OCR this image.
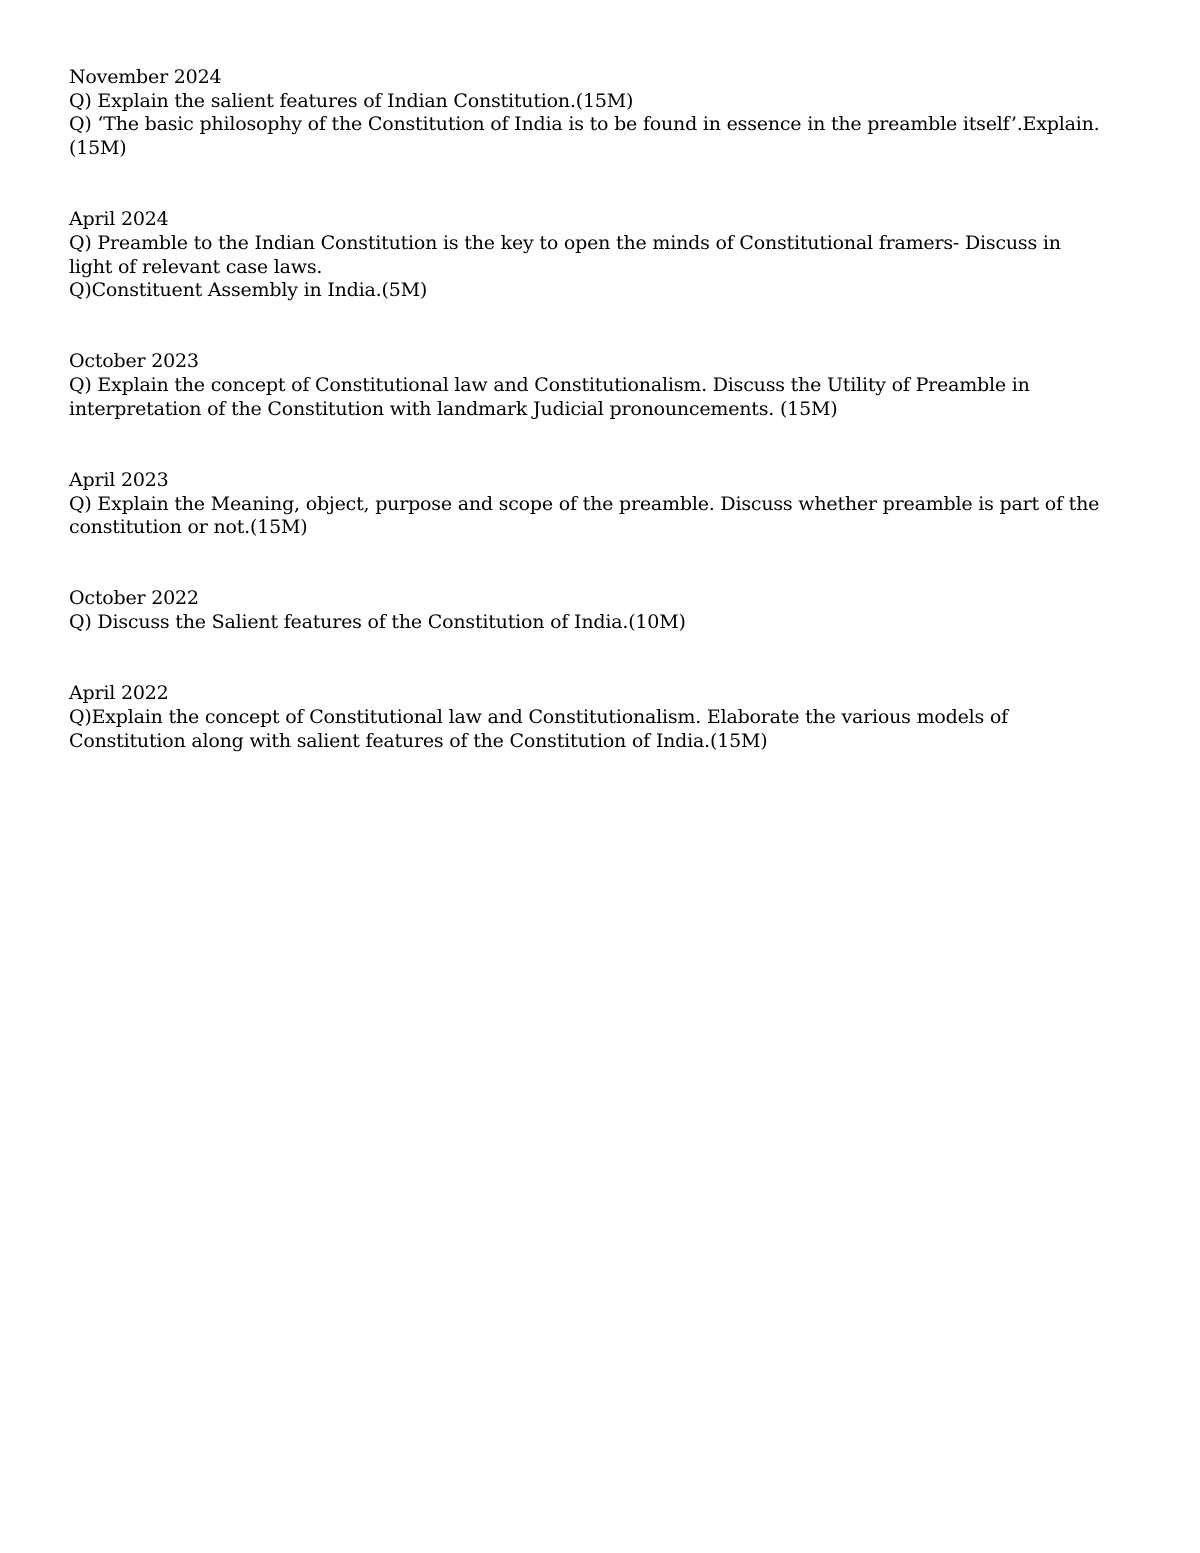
November 2024

Q) Explain the salient features of Indian Constitution.(15M)

Q) ‘The basic philosophy of the Constitution of India is to be found in essence in the preamble itself’.Explain. (15M)

April 2024

Q) Preamble to the Indian Constitution is the key to open the minds of Constitutional framers- Discuss in light of relevant case laws.

Q)Constituent Assembly in India.(5M)

October 2023

Q) Explain the concept of Constitutional law and Constitutionalism. Discuss the Utility of Preamble in interpretation of the Constitution with landmark Judicial pronouncements. (15M)

April 2023

Q) Explain the Meaning, object, purpose and scope of the preamble. Discuss whether preamble is part of the constitution or not.(15M)

October 2022

Q) Discuss the Salient features of the Constitution of India.(10M)

April 2022

Q)Explain the concept of Constitutional law and Constitutionalism. Elaborate the various models of Constitution along with salient features of the Constitution of India.(15M)
